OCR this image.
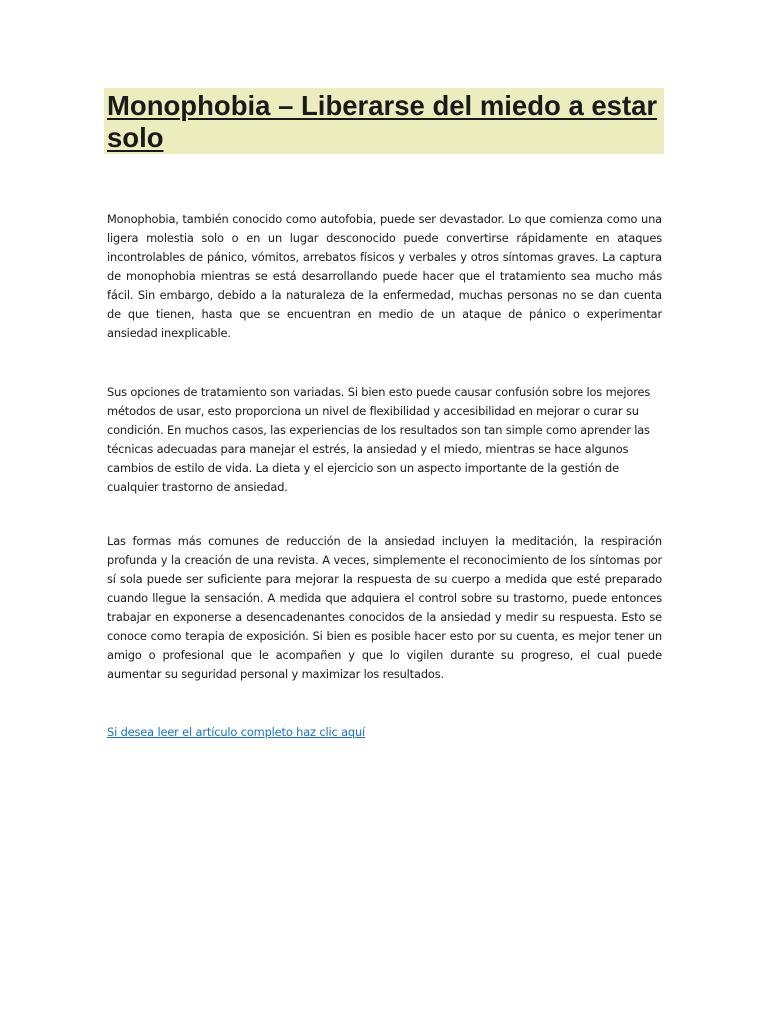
Monophobia – Liberarse del miedo a estar solo

Monophobia, también conocido como autofobia, puede ser devastador. Lo que comienza como una ligera molestia solo o en un lugar desconocido puede convertirse rápidamente en ataques incontrolables de pánico, vómitos, arrebatos físicos y verbales y otros síntomas graves. La captura de monophobia mientras se está desarrollando puede hacer que el tratamiento sea mucho más fácil. Sin embargo, debido a la naturaleza de la enfermedad, muchas personas no se dan cuenta de que tienen, hasta que se encuentran en medio de un ataque de pánico o experimentar ansiedad inexplicable.

Sus opciones de tratamiento son variadas. Si bien esto puede causar confusión sobre los mejores métodos de usar, esto proporciona un nivel de flexibilidad y accesibilidad en mejorar o curar su condición. En muchos casos, las experiencias de los resultados son tan simple como aprender las técnicas adecuadas para manejar el estrés, la ansiedad y el miedo, mientras se hace algunos cambios de estilo de vida. La dieta y el ejercicio son un aspecto importante de la gestión de cualquier trastorno de ansiedad.

Las formas más comunes de reducción de la ansiedad incluyen la meditación, la respiración profunda y la creación de una revista. A veces, simplemente el reconocimiento de los síntomas por sí sola puede ser suficiente para mejorar la respuesta de su cuerpo a medida que esté preparado cuando llegue la sensación. A medida que adquiera el control sobre su trastorno, puede entonces trabajar en exponerse a desencadenantes conocidos de la ansiedad y medir su respuesta. Esto se conoce como terapia de exposición. Si bien es posible hacer esto por su cuenta, es mejor tener un amigo o profesional que le acompañen y que lo vigilen durante su progreso, el cual puede aumentar su seguridad personal y maximizar los resultados.

Si desea leer el artículo completo haz clic aquí
